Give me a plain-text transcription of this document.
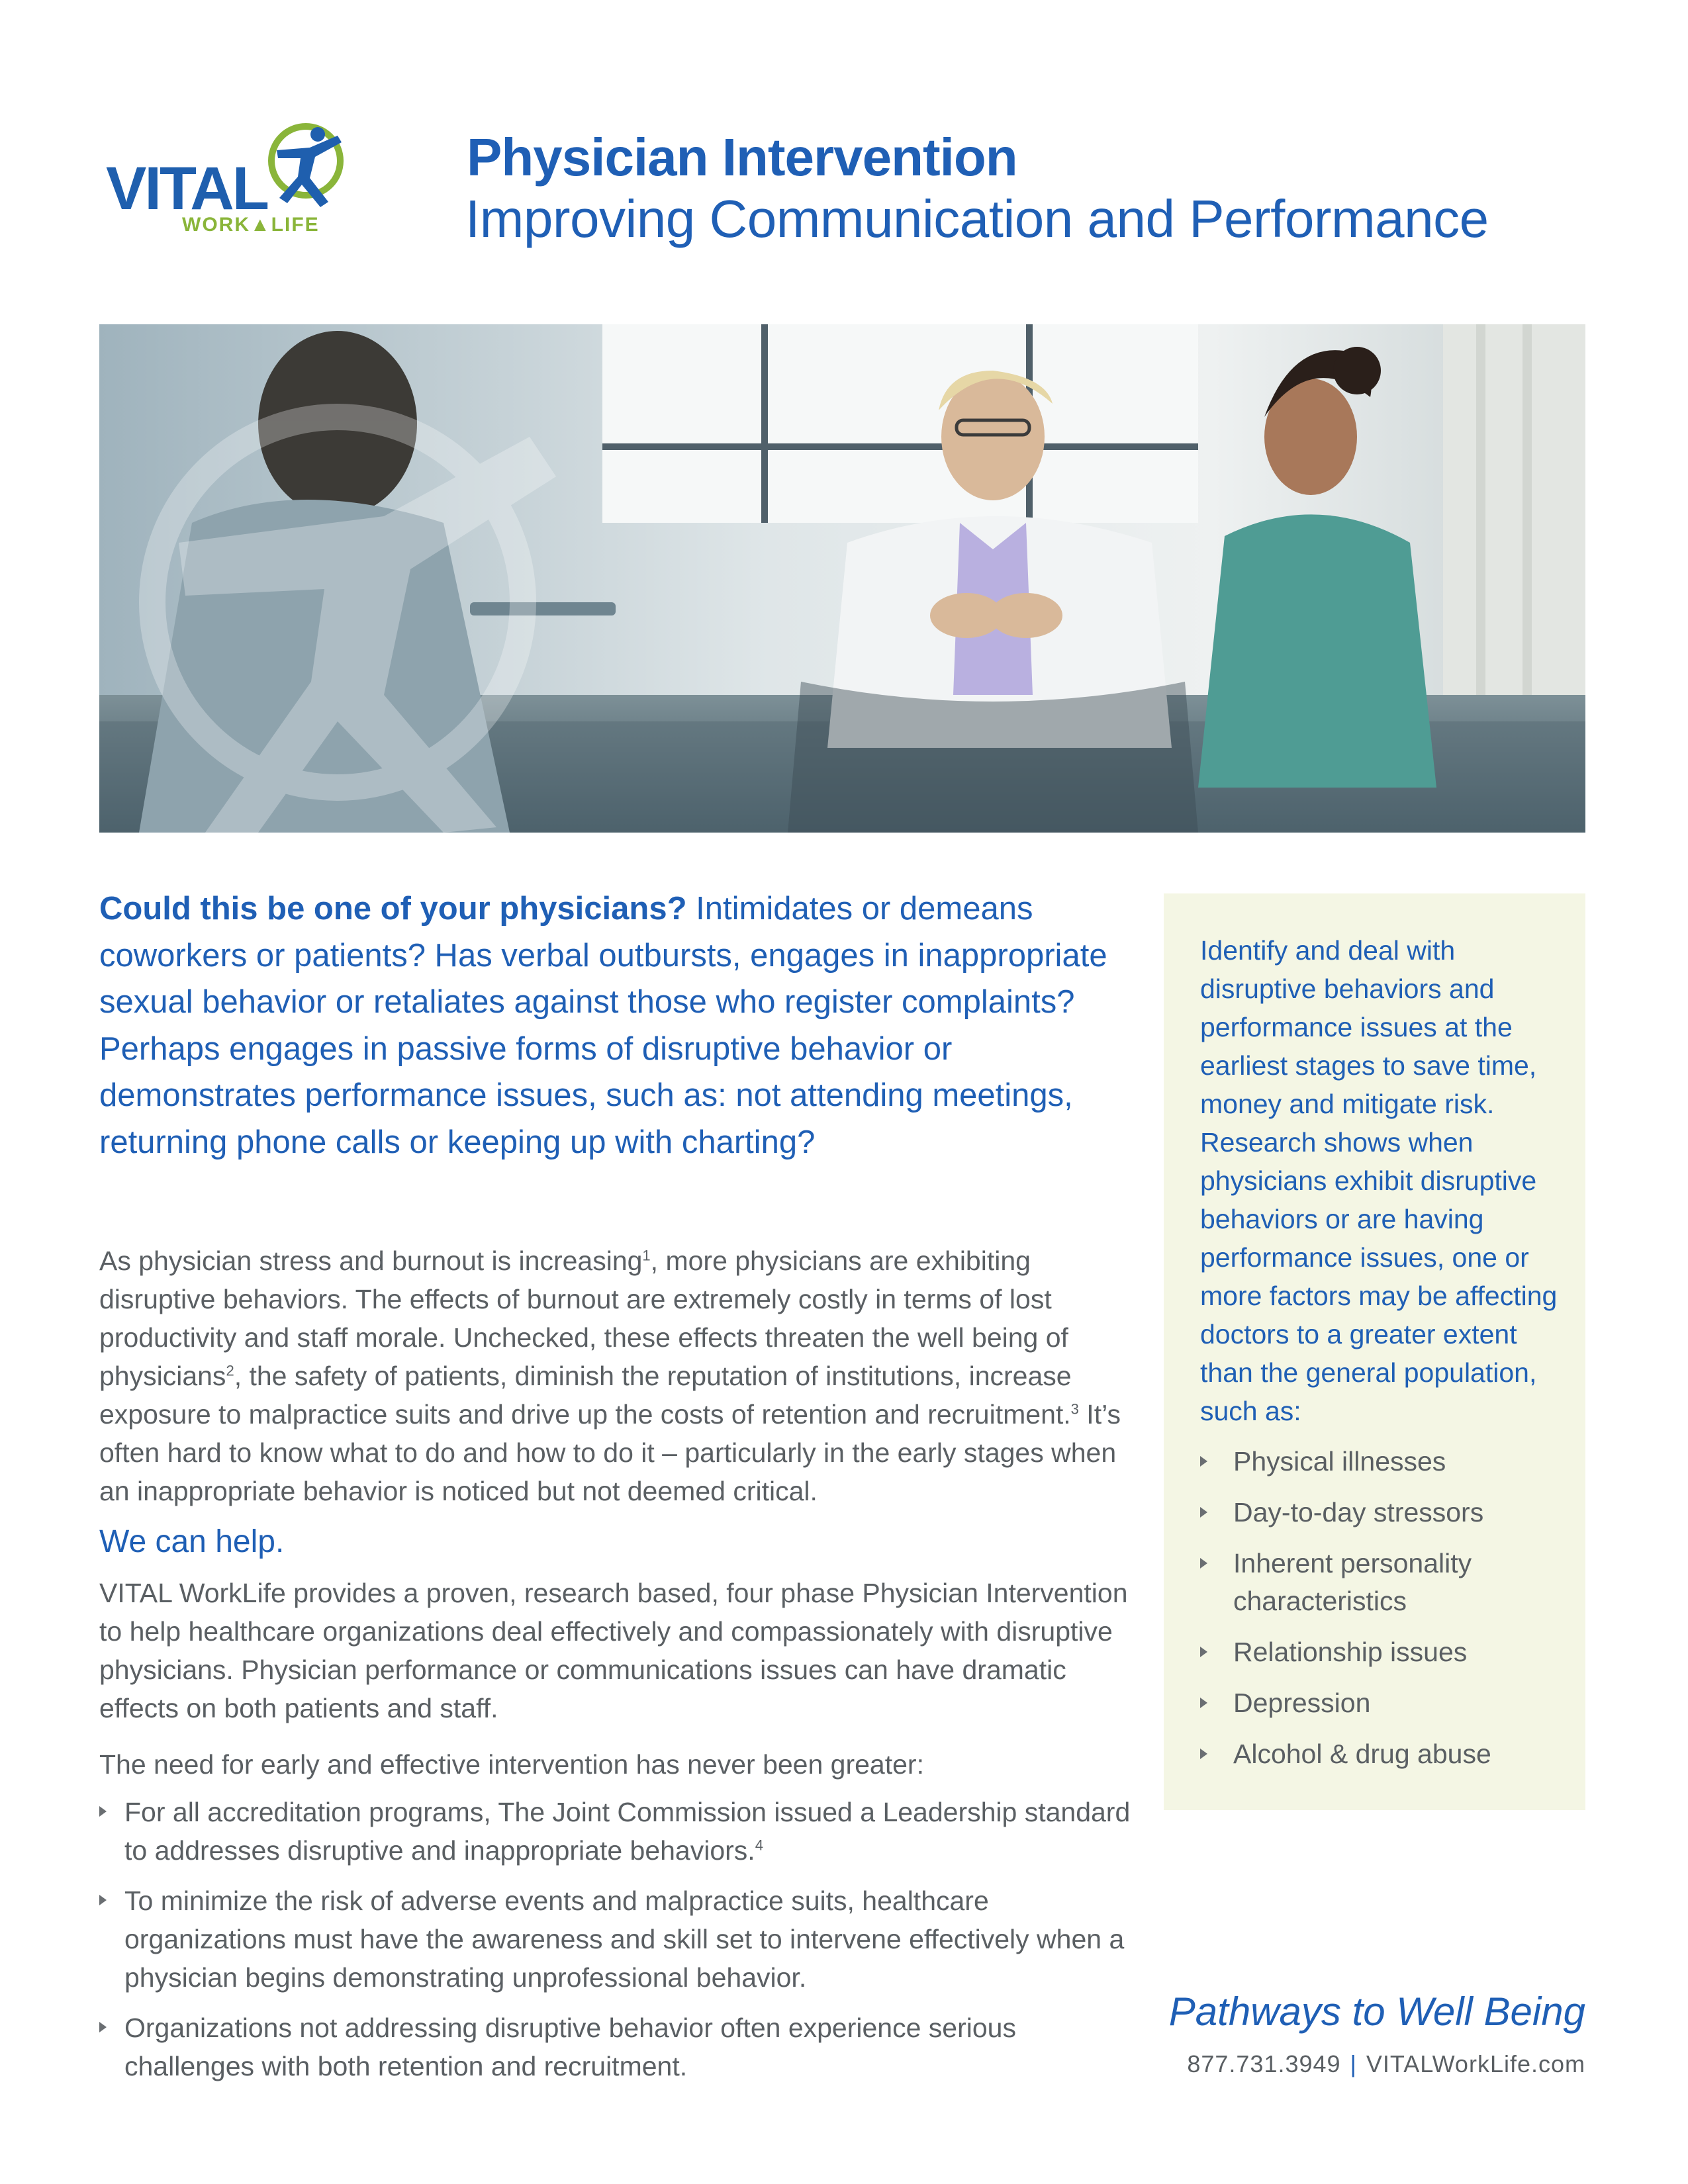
VITAL
WORK▲LIFE
Physician Intervention
Improving Communication and Performance
Could this be one of your physicians? Intimidates or demeans coworkers or patients? Has verbal outbursts, engages in inappropriate sexual behavior or retaliates against those who register complaints? Perhaps engages in passive forms of disruptive behavior or demonstrates performance issues, such as: not attending meetings, returning phone calls or keeping up with charting?
As physician stress and burnout is increasing$^1$, more physicians are exhibiting disruptive behaviors. The effects of burnout are extremely costly in terms of lost productivity and staff morale. Unchecked, these effects threaten the well being of physicians$^2$, the safety of patients, diminish the reputation of institutions, increase exposure to malpractice suits and drive up the costs of retention and recruitment.$^3$ It’s often hard to know what to do and how to do it – particularly in the early stages when an inappropriate behavior is noticed but not deemed critical.
We can help.
VITAL WorkLife provides a proven, research based, four phase Physician Intervention to help healthcare organizations deal effectively and compassionately with disruptive physicians. Physician performance or communications issues can have dramatic effects on both patients and staff.
The need for early and effective intervention has never been greater:
For all accreditation programs, The Joint Commission issued a Leadership standard to addresses disruptive and inappropriate behaviors.$^4$
To minimize the risk of adverse events and malpractice suits, healthcare organizations must have the awareness and skill set to intervene effectively when a physician begins demonstrating unprofessional behavior.
Organizations not addressing disruptive behavior often experience serious challenges with both retention and recruitment.
Identify and deal with disruptive behaviors and performance issues at the earliest stages to save time, money and mitigate risk. Research shows when physicians exhibit disruptive behaviors or are having performance issues, one or more factors may be affecting doctors to a greater extent than the general population, such as:
Physical illnesses
Day-to-day stressors
Inherent personality characteristics
Relationship issues
Depression
Alcohol & drug abuse
Pathways to Well Being
877.731.3949 | VITALWorkLife.com
